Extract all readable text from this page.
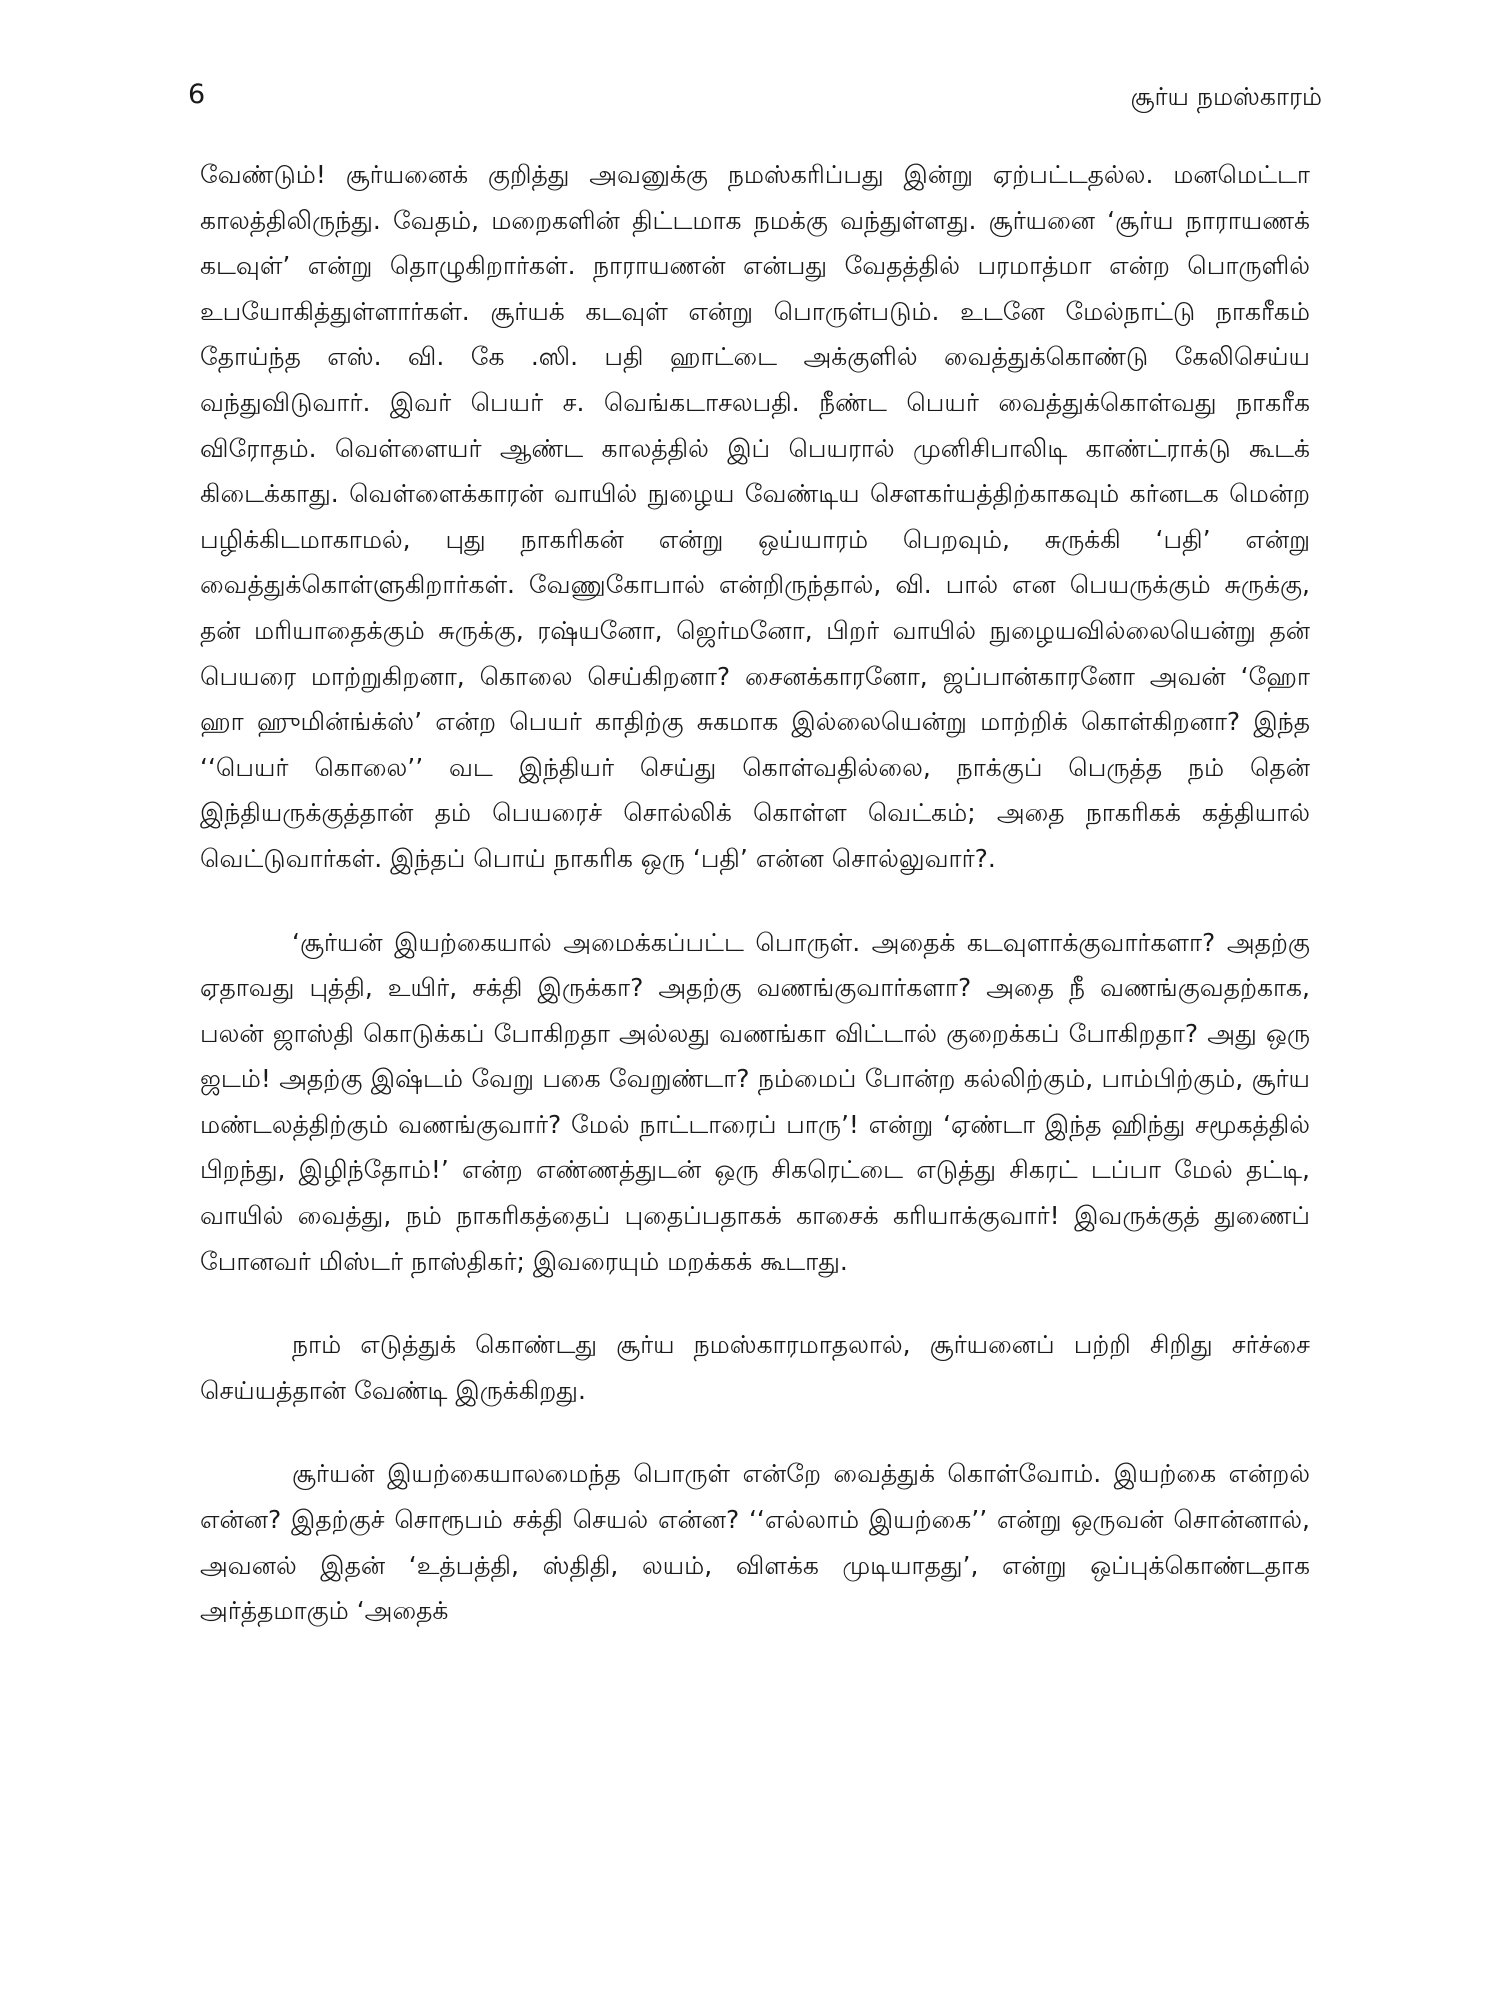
6	சூர்ய நமஸ்காரம்

வேண்டும்! சூர்யனைக் குறித்து அவனுக்கு நமஸ்கரிப்பது இன்று ஏற்பட்டதல்ல. மனமெட்டா காலத்திலிருந்து. வேதம், மறைகளின் திட்டமாக நமக்கு வந்துள்ளது. சூர்யனை ‘சூர்ய நாராயணக் கடவுள்’ என்று தொழுகிறார்கள். நாராயணன் என்பது வேதத்தில் பரமாத்மா என்ற பொருளில் உபயோகித்துள்ளார்கள். சூர்யக் கடவுள் என்று பொருள்படும். உடனே மேல்நாட்டு நாகரீகம் தோய்ந்த எஸ். வி. கே .ஸி. பதி ஹாட்டை அக்குளில் வைத்துக்கொண்டு கேலிசெய்ய வந்துவிடுவார். இவர் பெயர் ச. வெங்கடாசலபதி. நீண்ட பெயர் வைத்துக்கொள்வது நாகரீக விரோதம். வெள்ளையர் ஆண்ட காலத்தில் இப் பெயரால் முனிசிபாலிடி காண்ட்ராக்டு கூடக் கிடைக்காது. வெள்ளைக்காரன் வாயில் நுழைய வேண்டிய சௌகர்யத்திற்காகவும் கர்னடக மென்ற பழிக்கிடமாகாமல், புது நாகரிகன் என்று ஒய்யாரம் பெறவும், சுருக்கி ‘பதி’ என்று வைத்துக்கொள்ளுகிறார்கள். வேணுகோபால் என்றிருந்தால், வி. பால் என பெயருக்கும் சுருக்கு, தன் மரியாதைக்கும் சுருக்கு, ரஷ்யனோ, ஜெர்மனோ, பிறர் வாயில் நுழையவில்லையென்று தன் பெயரை மாற்றுகிறனா, கொலை செய்கிறனா? சைனக்காரனோ, ஜப்பான்காரனோ அவன் ‘ஹோ ஹா ஹுமின்ங்க்ஸ்’ என்ற பெயர் காதிற்கு சுகமாக இல்லையென்று மாற்றிக் கொள்கிறனா? இந்த ‘‘பெயர் கொலை’’ வட இந்தியர் செய்து கொள்வதில்லை, நாக்குப் பெருத்த நம் தென் இந்தியருக்குத்தான் தம் பெயரைச் சொல்லிக் கொள்ள வெட்கம்; அதை நாகரிகக் கத்தியால் வெட்டுவார்கள். இந்தப் பொய் நாகரிக ஒரு ‘பதி’ என்ன சொல்லுவார்?.

‘சூர்யன் இயற்கையால் அமைக்கப்பட்ட பொருள். அதைக் கடவுளாக்குவார்களா? அதற்கு ஏதாவது புத்தி, உயிர், சக்தி இருக்கா? அதற்கு வணங்குவார்களா? அதை நீ வணங்குவதற்காக, பலன் ஜாஸ்தி கொடுக்கப் போகிறதா அல்லது வணங்கா விட்டால் குறைக்கப் போகிறதா? அது ஒரு ஜடம்! அதற்கு இஷ்டம் வேறு பகை வேறுண்டா? நம்மைப் போன்ற கல்லிற்கும், பாம்பிற்கும், சூர்ய மண்டலத்திற்கும் வணங்குவார்? மேல் நாட்டாரைப் பாரு’! என்று ‘ஏண்டா இந்த ஹிந்து சமூகத்தில் பிறந்து, இழிந்தோம்!’ என்ற எண்ணத்துடன் ஒரு சிகரெட்டை எடுத்து சிகரட் டப்பா மேல் தட்டி, வாயில் வைத்து, நம் நாகரிகத்தைப் புதைப்பதாகக் காசைக் கரியாக்குவார்! இவருக்குத் துணைப் போனவர் மிஸ்டர் நாஸ்திகர்; இவரையும் மறக்கக் கூடாது.

நாம் எடுத்துக் கொண்டது சூர்ய நமஸ்காரமாதலால், சூர்யனைப் பற்றி சிறிது சர்ச்சை செய்யத்தான் வேண்டி இருக்கிறது.

சூர்யன் இயற்கையாலமைந்த பொருள் என்றே வைத்துக் கொள்வோம். இயற்கை என்றல் என்ன? இதற்குச் சொரூபம் சக்தி செயல் என்ன? ‘‘எல்லாம் இயற்கை’’ என்று ஒருவன் சொன்னால், அவனல் இதன் ‘உத்பத்தி, ஸ்திதி, லயம், விளக்க முடியாதது’, என்று ஒப்புக்கொண்டதாக அர்த்தமாகும் ‘அதைக்
